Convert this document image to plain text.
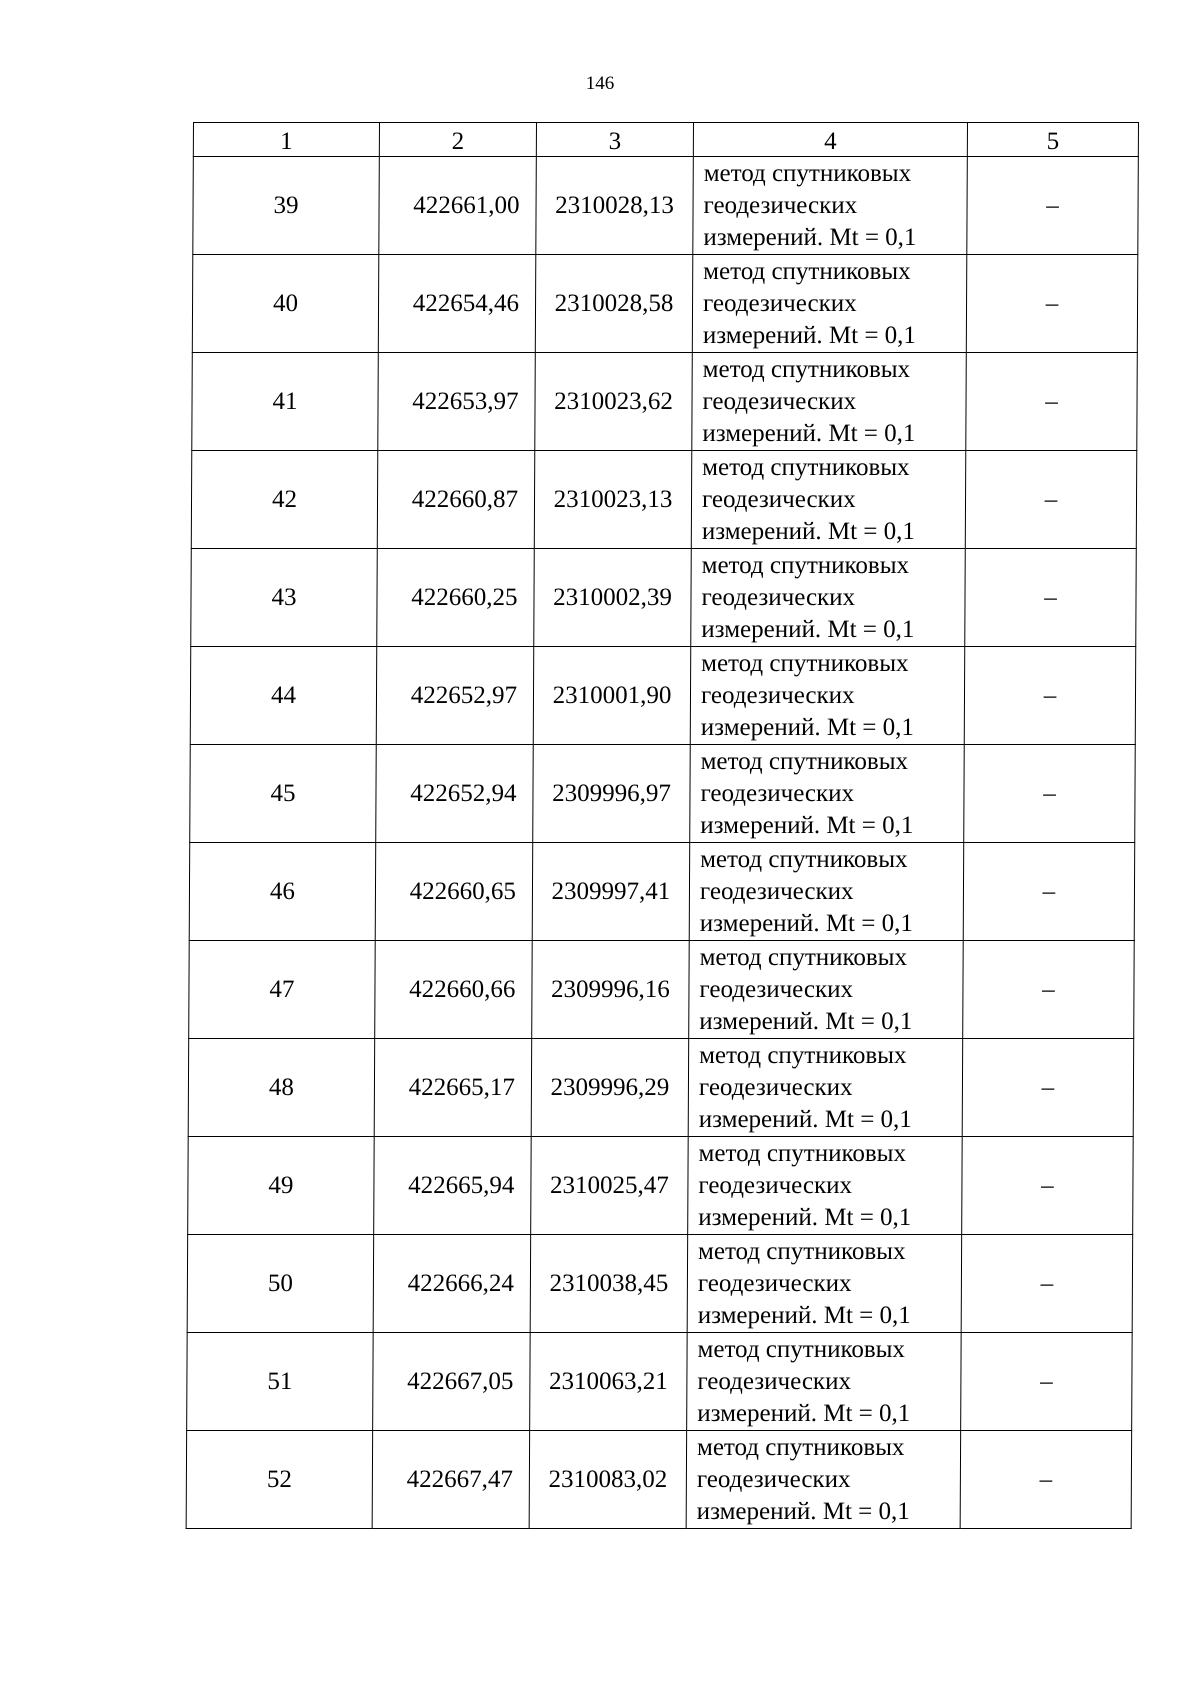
146
1	2	3	4	5
39	422661,00	2310028,13	метод спутниковых
геодезических
измерений. Mt = 0,1	–
40	422654,46	2310028,58	метод спутниковых
геодезических
измерений. Mt = 0,1	–
41	422653,97	2310023,62	метод спутниковых
геодезических
измерений. Mt = 0,1	–
42	422660,87	2310023,13	метод спутниковых
геодезических
измерений. Mt = 0,1	–
43	422660,25	2310002,39	метод спутниковых
геодезических
измерений. Mt = 0,1	–
44	422652,97	2310001,90	метод спутниковых
геодезических
измерений. Mt = 0,1	–
45	422652,94	2309996,97	метод спутниковых
геодезических
измерений. Mt = 0,1	–
46	422660,65	2309997,41	метод спутниковых
геодезических
измерений. Mt = 0,1	–
47	422660,66	2309996,16	метод спутниковых
геодезических
измерений. Mt = 0,1	–
48	422665,17	2309996,29	метод спутниковых
геодезических
измерений. Mt = 0,1	–
49	422665,94	2310025,47	метод спутниковых
геодезических
измерений. Mt = 0,1	–
50	422666,24	2310038,45	метод спутниковых
геодезических
измерений. Mt = 0,1	–
51	422667,05	2310063,21	метод спутниковых
геодезических
измерений. Mt = 0,1	–
52	422667,47	2310083,02	метод спутниковых
геодезических
измерений. Mt = 0,1	–
